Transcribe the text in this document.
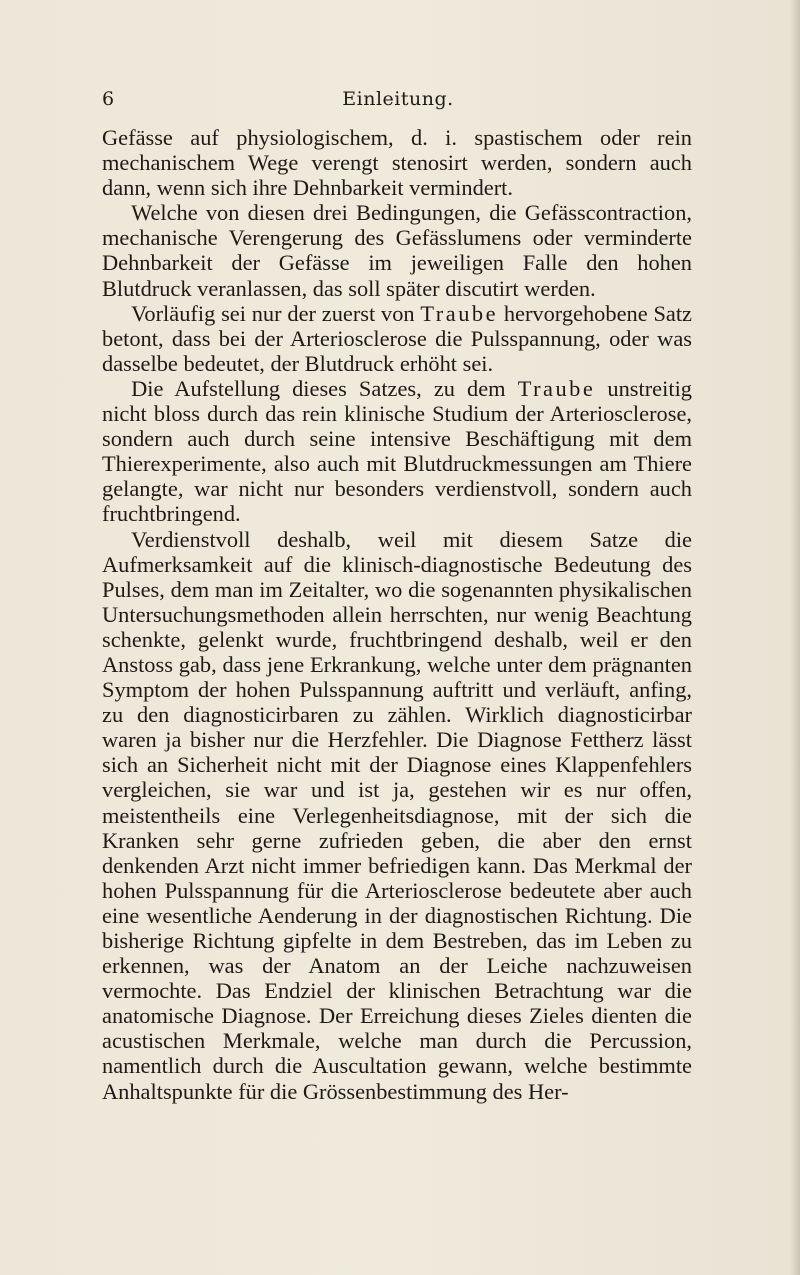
6	Einleitung.

Gefässe auf physiologischem, d. i. spastischem oder rein mechanischem Wege verengt stenosirt werden, sondern auch dann, wenn sich ihre Dehnbarkeit vermindert.

Welche von diesen drei Bedingungen, die Gefässcontraction, mechanische Verengerung des Gefässlumens oder verminderte Dehnbarkeit der Gefässe im jeweiligen Falle den hohen Blutdruck veranlassen, das soll später discutirt werden.

Vorläufig sei nur der zuerst von Traube hervorgehobene Satz betont, dass bei der Arteriosclerose die Pulsspannung, oder was dasselbe bedeutet, der Blutdruck erhöht sei.

Die Aufstellung dieses Satzes, zu dem Traube unstreitig nicht bloss durch das rein klinische Studium der Arteriosclerose, sondern auch durch seine intensive Beschäftigung mit dem Thierexperimente, also auch mit Blutdruckmessungen am Thiere gelangte, war nicht nur besonders verdienstvoll, sondern auch fruchtbringend.

Verdienstvoll deshalb, weil mit diesem Satze die Aufmerksamkeit auf die klinisch-diagnostische Bedeutung des Pulses, dem man im Zeitalter, wo die sogenannten physikalischen Untersuchungsmethoden allein herrschten, nur wenig Beachtung schenkte, gelenkt wurde, fruchtbringend deshalb, weil er den Anstoss gab, dass jene Erkrankung, welche unter dem prägnanten Symptom der hohen Pulsspannung auftritt und verläuft, anfing, zu den diagnosticirbaren zu zählen. Wirklich diagnosticirbar waren ja bisher nur die Herzfehler. Die Diagnose Fettherz lässt sich an Sicherheit nicht mit der Diagnose eines Klappenfehlers vergleichen, sie war und ist ja, gestehen wir es nur offen, meistentheils eine Verlegenheitsdiagnose, mit der sich die Kranken sehr gerne zufrieden geben, die aber den ernst denkenden Arzt nicht immer befriedigen kann. Das Merkmal der hohen Pulsspannung für die Arteriosclerose bedeutete aber auch eine wesentliche Aenderung in der diagnostischen Richtung. Die bisherige Richtung gipfelte in dem Bestreben, das im Leben zu erkennen, was der Anatom an der Leiche nachzuweisen vermochte. Das Endziel der klinischen Betrachtung war die anatomische Diagnose. Der Erreichung dieses Zieles dienten die acustischen Merkmale, welche man durch die Percussion, namentlich durch die Auscultation gewann, welche bestimmte Anhaltspunkte für die Grössenbestimmung des Her-
